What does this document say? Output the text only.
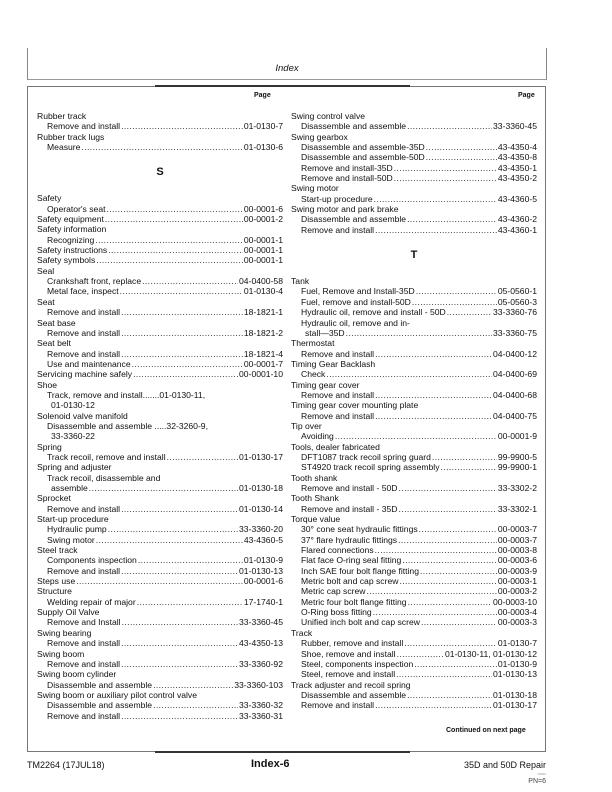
Index
Page	Page
Rubber track
Remove and install .....	01-0130-7
Rubber track lugs
Measure .....	01-0130-6
S
Safety
Operator's seat .....	00-0001-6
Safety equipment .....	00-0001-2
Safety information
Recognizing .....	00-0001-1
Safety instructions .....	00-0001-1
Safety symbols .....	00-0001-1
Seal
Crankshaft front, replace .....	04-0400-58
Metal face, inspect .....	01-0130-4
Seat
Remove and install .....	18-1821-1
Seat base
Remove and install .....	18-1821-2
Seat belt
Remove and install .....	18-1821-4
Use and maintenance .....	00-0001-7
Servicing machine safely .....	00-0001-10
Shoe
Track, remove and install.......01-0130-11,
01-0130-12
Solenoid valve manifold
Disassemble and assemble .....32-3260-9,
33-3360-22
Spring
Track recoil, remove and install .....	01-0130-17
Spring and adjuster
Track recoil, disassemble and
assemble .....	01-0130-18
Sprocket
Remove and install .....	01-0130-14
Start-up procedure
Hydraulic pump .....	33-3360-20
Swing motor .....	43-4360-5
Steel track
Components inspection .....	01-0130-9
Remove and install .....	01-0130-13
Steps use .....	00-0001-6
Structure
Welding repair of major .....	17-1740-1
Supply Oil Valve
Remove and Install .....	33-3360-45
Swing bearing
Remove and install .....	43-4350-13
Swing boom
Remove and install .....	33-3360-92
Swing boom cylinder
Disassemble and assemble .....	33-3360-103
Swing boom or auxiliary pilot control valve
Disassemble and assemble .....	33-3360-32
Remove and install .....	33-3360-31
Swing control valve
Disassemble and assemble .....	33-3360-45
Swing gearbox
Disassemble and assemble-35D .....	43-4350-4
Disassemble and assemble-50D .....	43-4350-8
Remove and install-35D .....	43-4350-1
Remove and install-50D .....	43-4350-2
Swing motor
Start-up procedure .....	43-4360-5
Swing motor and park brake
Disassemble and assemble .....	43-4360-2
Remove and install .....	43-4360-1
T
Tank
Fuel, Remove and Install-35D .....	05-0560-1
Fuel, remove and install-50D .....	05-0560-3
Hydraulic oil, remove and install - 50D .....	33-3360-76
Hydraulic oil, remove and in-
stall—35D .....	33-3360-75
Thermostat
Remove and install .....	04-0400-12
Timing Gear Backlash
Check .....	04-0400-69
Timing gear cover
Remove and install .....	04-0400-68
Timing gear cover mounting plate
Remove and install .....	04-0400-75
Tip over
Avoiding .....	00-0001-9
Tools, dealer fabricated
DFT1087 track recoil spring guard .....	99-9900-5
ST4920 track recoil spring assembly .....	99-9900-1
Tooth shank
Remove and install - 50D .....	33-3302-2
Tooth Shank
Remove and install - 35D .....	33-3302-1
Torque value
30° cone seat hydraulic fittings .....	00-0003-7
37° flare hydraulic fittings .....	00-0003-7
Flared connections .....	00-0003-8
Flat face O-ring seal fitting .....	00-0003-6
Inch SAE four bolt flange fitting .....	00-0003-9
Metric bolt and cap screw .....	00-0003-1
Metric cap screw .....	00-0003-2
Metric four bolt flange fitting .....	00-0003-10
O-Ring boss fitting .....	00-0003-4
Unified inch bolt and cap screw .....	00-0003-3
Track
Rubber, remove and install .....	01-0130-7
Shoe, remove and install .....	01-0130-11, 01-0130-12
Steel, components inspection .....	01-0130-9
Steel, remove and install .....	01-0130-13
Track adjuster and recoil spring
Disassemble and assemble .....	01-0130-18
Remove and install .....	01-0130-17
Continued on next page
TM2264 (17JUL18)	Index-6	35D and 50D Repair
OMR8
PN=6
